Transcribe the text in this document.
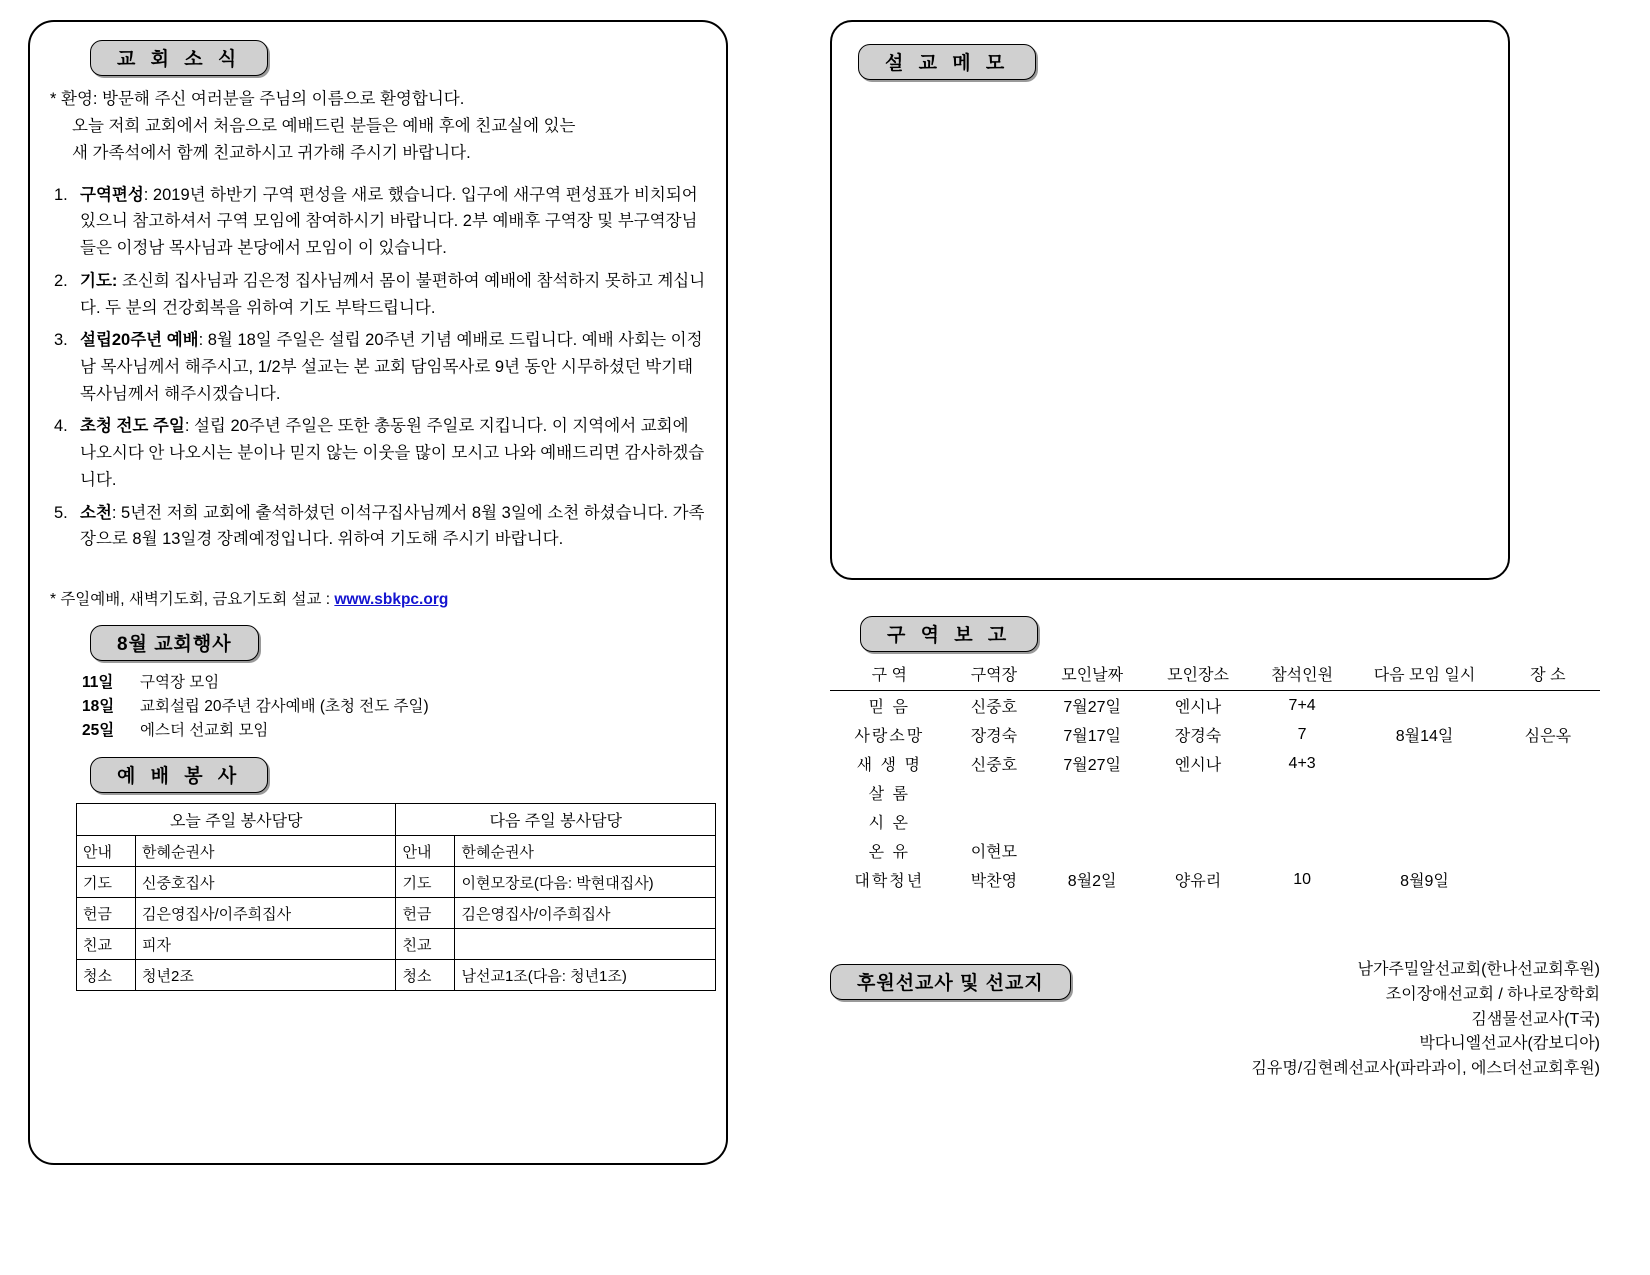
교 회 소 식
* 환영: 방문해 주신 여러분을 주님의 이름으로 환영합니다.
오늘 저희 교회에서 처음으로 예배드린 분들은 예배 후에 친교실에 있는
새 가족석에서 함께 친교하시고 귀가해 주시기 바랍니다.
1. 구역편성: 2019년 하반기 구역 편성을 새로 했습니다. 입구에 새구역 편성표가 비치되어 있으니 참고하셔서 구역 모임에 참여하시기 바랍니다. 2부 예배후 구역장 및 부구역장님들은 이정남 목사님과 본당에서 모임이 이 있습니다.
2. 기도: 조신희 집사님과 김은정 집사님께서 몸이 불편하여 예배에 참석하지 못하고 계십니다. 두 분의 건강회복을 위하여 기도 부탁드립니다.
3. 설립20주년 예배: 8월 18일 주일은 설립 20주년 기념 예배로 드립니다. 예배 사회는 이정남 목사님께서 해주시고, 1/2부 설교는 본 교회 담임목사로 9년 동안 시무하셨던 박기태 목사님께서 해주시겠습니다.
4. 초청 전도 주일: 설립 20주년 주일은 또한 총동원 주일로 지킵니다. 이 지역에서 교회에 나오시다 안 나오시는 분이나 믿지 않는 이웃을 많이 모시고 나와 예배드리면 감사하겠습니다.
5. 소천: 5년전 저희 교회에 출석하셨던 이석구집사님께서 8월 3일에 소천 하셨습니다. 가족장으로 8월 13일경 장례예정입니다. 위하여 기도해 주시기 바랍니다.
* 주일예배, 새벽기도회, 금요기도회 설교 : www.sbkpc.org
8월 교회행사
11일	구역장 모임
18일	교회설립 20주년 감사예배 (초청 전도 주일)
25일	에스더 선교회 모임
예 배 봉 사
오늘 주일 봉사담당		다음 주일 봉사담당	
안내	한혜순권사	안내	한혜순권사
기도	신중호집사	기도	이현모장로(다음: 박현대집사)
헌금	김은영집사/이주희집사	헌금	김은영집사/이주희집사
친교	피자	친교	
청소	청년2조	청소	남선교1조(다음: 청년1조)
설 교 메 모
구 역 보 고
구 역	구역장	모인날짜	모인장소	참석인원	다음 모임 일시	장 소
믿 음	신중호	7월27일	엔시나	7+4		
사랑소망	장경숙	7월17일	장경숙	7	8월14일	심은옥
새 생 명	신중호	7월27일	엔시나	4+3		
살 롬						
시 온						
온 유	이현모					
대학청년	박찬영	8월2일	양유리	10	8월9일	
후원선교사 및 선교지
남가주밀알선교회(한나선교회후원)
조이장애선교회 / 하나로장학회
김샘물선교사(T국)
박다니엘선교사(캄보디아)
김유명/김현례선교사(파라과이, 에스더선교회후원)
